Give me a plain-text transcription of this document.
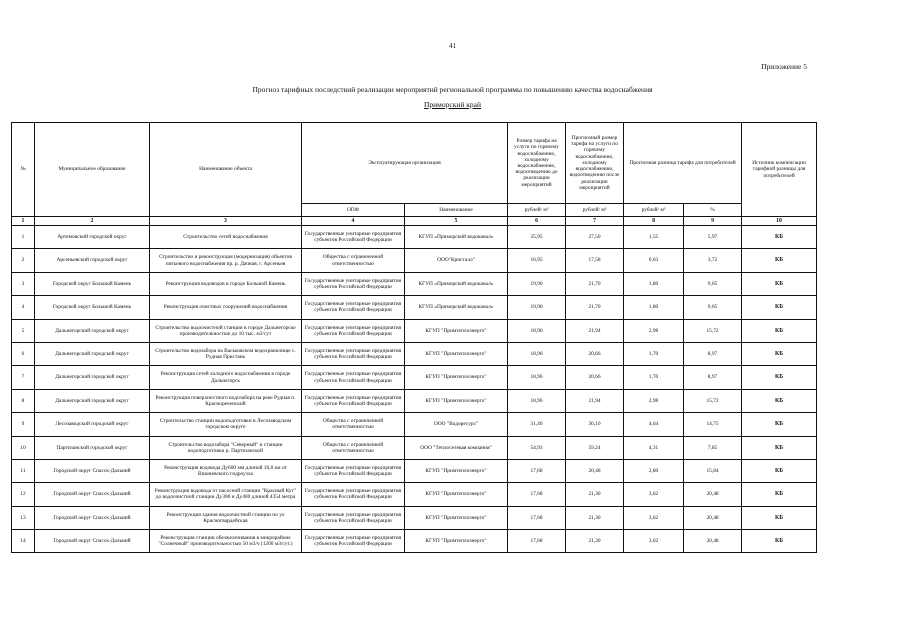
41
Приложение 5
Прогноз тарифных последствий реализации мероприятий региональной программы по повышению качества водоснабжения
Приморский край
№	Муниципальное образование	Наименование объекта	Эксплуатирующая организация		Размер тарифа на услуги по горячему водоснабжению, холодному водоснабжению, водоотведению до реализации мероприятий	Прогнозный размер тарифа на услуги по горячему водоснабжению, холодному водоснабжению, водоотведению после реализации мероприятий	Прогнозная разница тарифа для потребителей		Источник компенсации тарифной разницы для потребителей
			ОПФ	Наименование	рублей/ м³	рублей/ м³	рублей/ м³	%	
1	2	3	4	5	6	7	8	9	10
1	Артемовский городской округ	Строительство сетей водоснабжения	Государственные унитарные предприятия субъектов Российской Федерации	КГУП «Приморский водоканал»	25,95	27,50	1,55	5,97	КБ
2	Арсеньевский городской округ	Строительство и реконструкция (модернизация) объектов питьевого водоснабжения пр. р. Дачная, г. Арсеньев	Общества с ограниченной ответственностью	ООО"Кристалл"	16,95	17,58	0,63	3,72	КБ
3	Городской округ Большой Камень	Реконструкция водоводов в городе Большой Камень	Государственные унитарные предприятия субъектов Российской Федерации	КГУП «Приморский водоканал»	19,90	21,70	1,80	9,05	КБ
4	Городской округ Большой Камень	Реконструкция очистных сооружений водоснабжения	Государственные унитарные предприятия субъектов Российской Федерации	КГУП «Приморский водоканал»	19,90	21,70	1,80	9,05	КБ
5	Дальнегорский городской округ	Строительство водоочистной станции в городе Дальнегорске производительностью до 10 тыс. м3/сут	Государственные унитарные предприятия субъектов Российской Федерации	КГУП "Примтеплоэнерго"	18,96	21,94	2,98	15,72	КБ
6	Дальнегорский городской округ	Строительство водозабора на Васьковском водохранилище с. Рудная Пристань	Государственные унитарные предприятия субъектов Российской Федерации	КГУП "Примтеплоэнерго"	18,96	20,66	1,70	8,97	КБ
7	Дальнегорский городской округ	Реконструкция сетей холодного водоснабжения в городе Дальнегорск	Государственные унитарные предприятия субъектов Российской Федерации	КГУП "Примтеплоэнерго"	18,96	20,66	1,70	8,97	КБ
8	Дальнегорский городской округ	Реконструкция поверхностного водозабора на реке Рудная п. Краснореченский	Государственные унитарные предприятия субъектов Российской Федерации	КГУП "Примтеплоэнерго"	18,96	21,94	2,98	15,72	КБ
9	Лесозаводский городской округ	Строительство станции водоподготовки в Лесозаводском городском округе	Общества с ограниченной ответственностью	ООО "Водоресурс"	31,46	36,10	4,64	14,75	КБ
10	Партизанский городской округ	Строительство водозабора "Северный" и станции водоподготовки р. Партизанской	Общества с ограниченной ответственностью	ООО "Теплосетевая компания"	54,93	59,24	4,31	7,85	КБ
11	Городской округ Спасск-Дальний	Реконструкция водовода Ду600 мм длиной 16,8 км от Вишневского гидроузла	Государственные унитарные предприятия субъектов Российской Федерации	КГУП "Примтеплоэнерго"	17,68	20,48	2,80	15,84	КБ
12	Городской округ Спасск-Дальний	Реконструкция водовода от насосной станции "Красный Кут" до водоочистной станции Ду300 и Ду400 длиной 4354 метра	Государственные унитарные предприятия субъектов Российской Федерации	КГУП "Примтеплоэнерго"	17,68	21,30	3,62	20,48	КБ
13	Городской округ Спасск-Дальний	Реконструкция здания водоочистной станции по ул Красногвардейская	Государственные унитарные предприятия субъектов Российской Федерации	КГУП "Примтеплоэнерго"	17,68	21,30	3,62	20,48	КБ
14	Городской округ Спасск-Дальний	Реконструкция станции обезжелезивания в микрорайоне "Солнечный" производительностью 50 м3/ч (1200 м3/сут.)	Государственные унитарные предприятия субъектов Российской Федерации	КГУП "Примтеплоэнерго"	17,68	21,30	3,62	20,48	КБ
